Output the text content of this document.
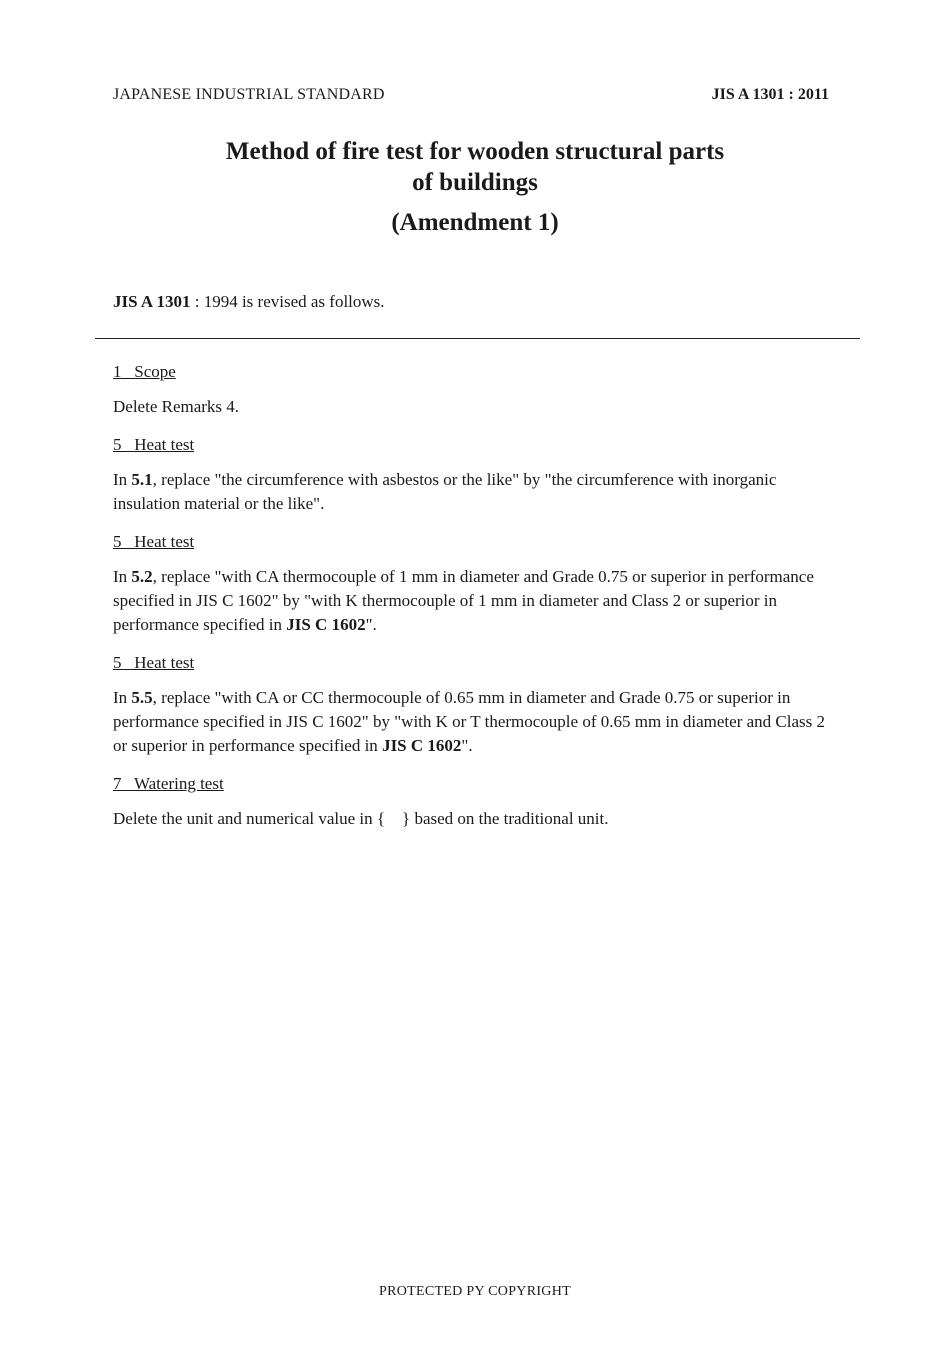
JAPANESE INDUSTRIAL STANDARD	JIS A 1301 : 2011
Method of fire test for wooden structural parts
of buildings
(Amendment 1)
JIS A 1301 : 1994 is revised as follows.
1   Scope

Delete Remarks 4.

5   Heat test

In 5.1, replace "the circumference with asbestos or the like" by "the circumference with inorganic insulation material or the like".

5   Heat test

In 5.2, replace "with CA thermocouple of 1 mm in diameter and Grade 0.75 or superior in performance specified in JIS C 1602" by "with K thermocouple of 1 mm in diameter and Class 2 or superior in performance specified in JIS C 1602".

5   Heat test

In 5.5, replace "with CA or CC thermocouple of 0.65 mm in diameter and Grade 0.75 or superior in performance specified in JIS C 1602" by "with K or T thermocouple of 0.65 mm in diameter and Class 2 or superior in performance specified in JIS C 1602".

7   Watering test

Delete the unit and numerical value in {    } based on the traditional unit.

PROTECTED PY COPYRIGHT
